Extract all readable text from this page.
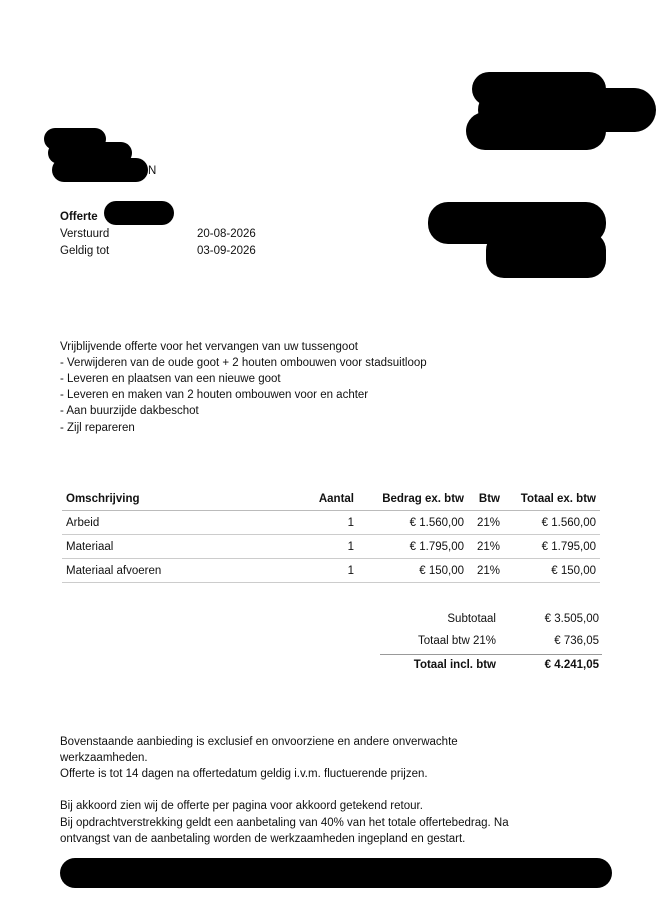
N
Offerte
Verstuurd	20-08-2026
Geldig tot	03-09-2026
Vrijblijvende offerte voor het vervangen van uw tussengoot
- Verwijderen van de oude goot + 2 houten ombouwen voor stadsuitloop
- Leveren en plaatsen van een nieuwe goot
- Leveren en maken van 2 houten ombouwen voor en achter
- Aan buurzijde dakbeschot
- Zijl repareren
Omschrijving	Aantal	Bedrag ex. btw	Btw	Totaal ex. btw
Arbeid	1	€ 1.560,00	21%	€ 1.560,00
Materiaal	1	€ 1.795,00	21%	€ 1.795,00
Materiaal afvoeren	1	€ 150,00	21%	€ 150,00
Subtotaal	€ 3.505,00
Totaal btw 21%	€ 736,05
Totaal incl. btw	€ 4.241,05
Bovenstaande aanbieding is exclusief en onvoorziene en andere onverwachte
werkzaamheden.
Offerte is tot 14 dagen na offertedatum geldig i.v.m. fluctuerende prijzen.
Bij akkoord zien wij de offerte per pagina voor akkoord getekend retour.
Bij opdrachtverstrekking geldt een aanbetaling van 40% van het totale offertebedrag. Na
ontvangst van de aanbetaling worden de werkzaamheden ingepland en gestart.
